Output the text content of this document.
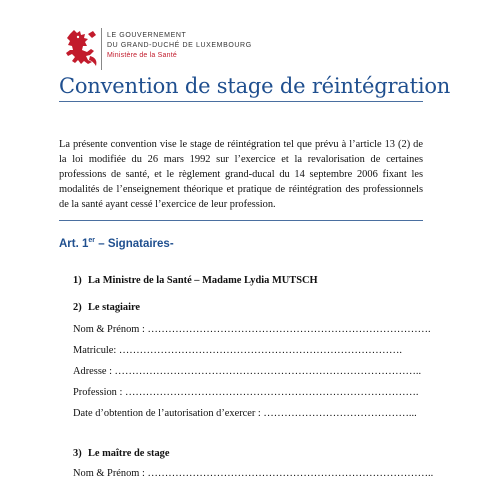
LE GOUVERNEMENT
DU GRAND-DUCHÉ DE LUXEMBOURG
Ministère de la Santé
Convention de stage de réintégration

La présente convention vise le stage de réintégration tel que prévu à l’article 13 (2) de la loi modifiée du 26 mars 1992 sur l’exercice et la revalorisation de certaines professions de santé, et le règlement grand-ducal du 14 septembre 2006 fixant les modalités de l’enseignement théorique et pratique de réintégration des professionnels de la santé ayant cessé l’exercice de leur profession.

Art. 1er – Signataires-
1) La Ministre de la Santé – Madame Lydia MUTSCH
2) Le stagiaire
Nom & Prénom : ……………………………………………………………………….
Matricule: ……………………………………………………………………….
Adresse : ……………………………………………………………………………..
Profession : ………………………………………………………………………….
Date d’obtention de l’autorisation d’exercer : ……………………………………...
3) Le maître de stage
Nom & Prénom : ………………………………………………………………………..
